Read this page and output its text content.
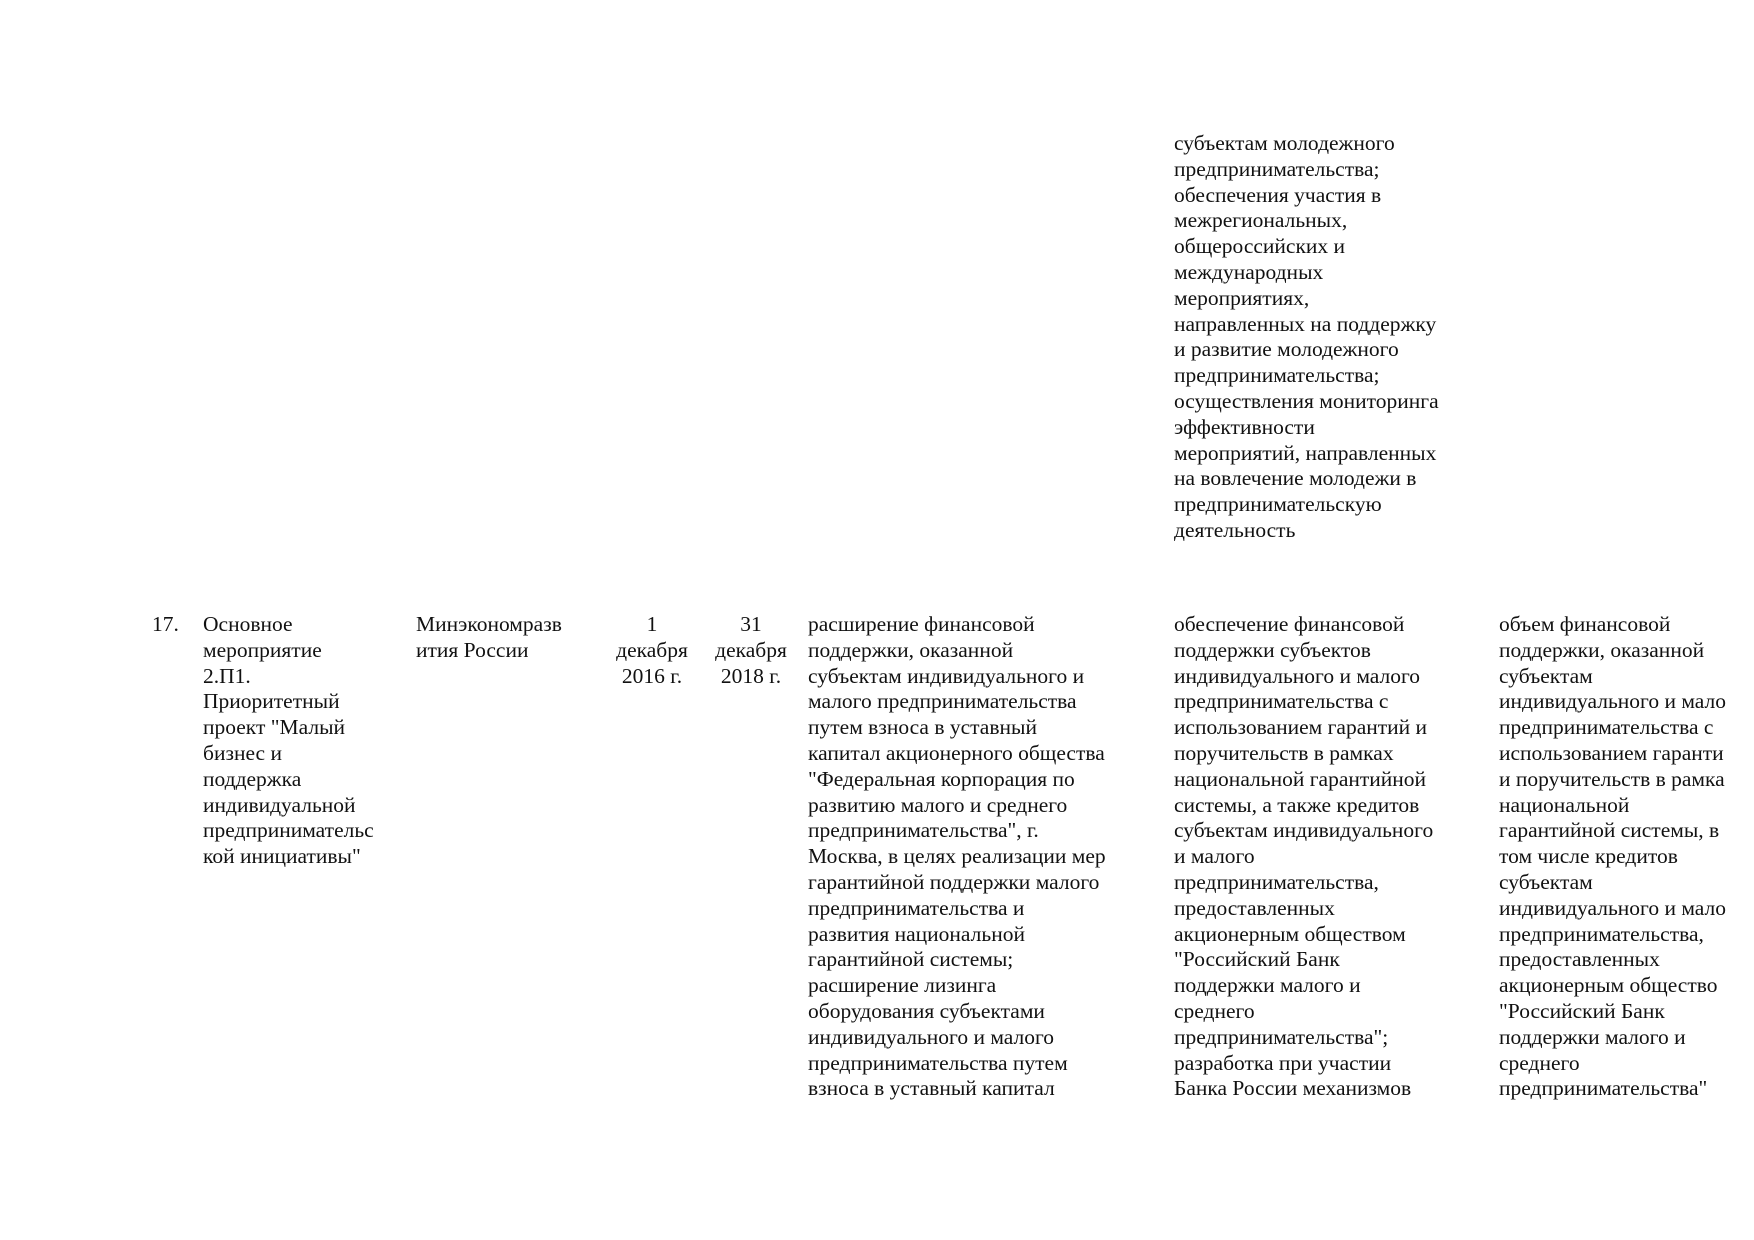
субъектам молодежного
предпринимательства;
обеспечения участия в
межрегиональных,
общероссийских и
международных
мероприятиях,
направленных на поддержку
и развитие молодежного
предпринимательства;
осуществления мониторинга
эффективности
мероприятий, направленных
на вовлечение молодежи в
предпринимательскую
деятельность
17.	Основное
мероприятие
2.П1.
Приоритетный
проект "Малый
бизнес и
поддержка
индивидуальной
предпринимательс
кой инициативы"
Минэкономразв
ития России
1
декабря
2016 г.
31
декабря
2018 г.
расширение финансовой
поддержки, оказанной
субъектам индивидуального и
малого предпринимательства
путем взноса в уставный
капитал акционерного общества
"Федеральная корпорация по
развитию малого и среднего
предпринимательства", г.
Москва, в целях реализации мер
гарантийной поддержки малого
предпринимательства и
развития национальной
гарантийной системы;
расширение лизинга
оборудования субъектами
индивидуального и малого
предпринимательства путем
взноса в уставный капитал
обеспечение финансовой
поддержки субъектов
индивидуального и малого
предпринимательства с
использованием гарантий и
поручительств в рамках
национальной гарантийной
системы, а также кредитов
субъектам индивидуального
и малого
предпринимательства,
предоставленных
акционерным обществом
"Российский Банк
поддержки малого и
среднего
предпринимательства";
разработка при участии
Банка России механизмов
объем финансовой
поддержки, оказанной
субъектам
индивидуального и мало
предпринимательства с
использованием гаранти
и поручительств в рамка
национальной
гарантийной системы, в
том числе кредитов
субъектам
индивидуального и мало
предпринимательства,
предоставленных
акционерным общество
"Российский Банк
поддержки малого и
среднего
предпринимательства"
